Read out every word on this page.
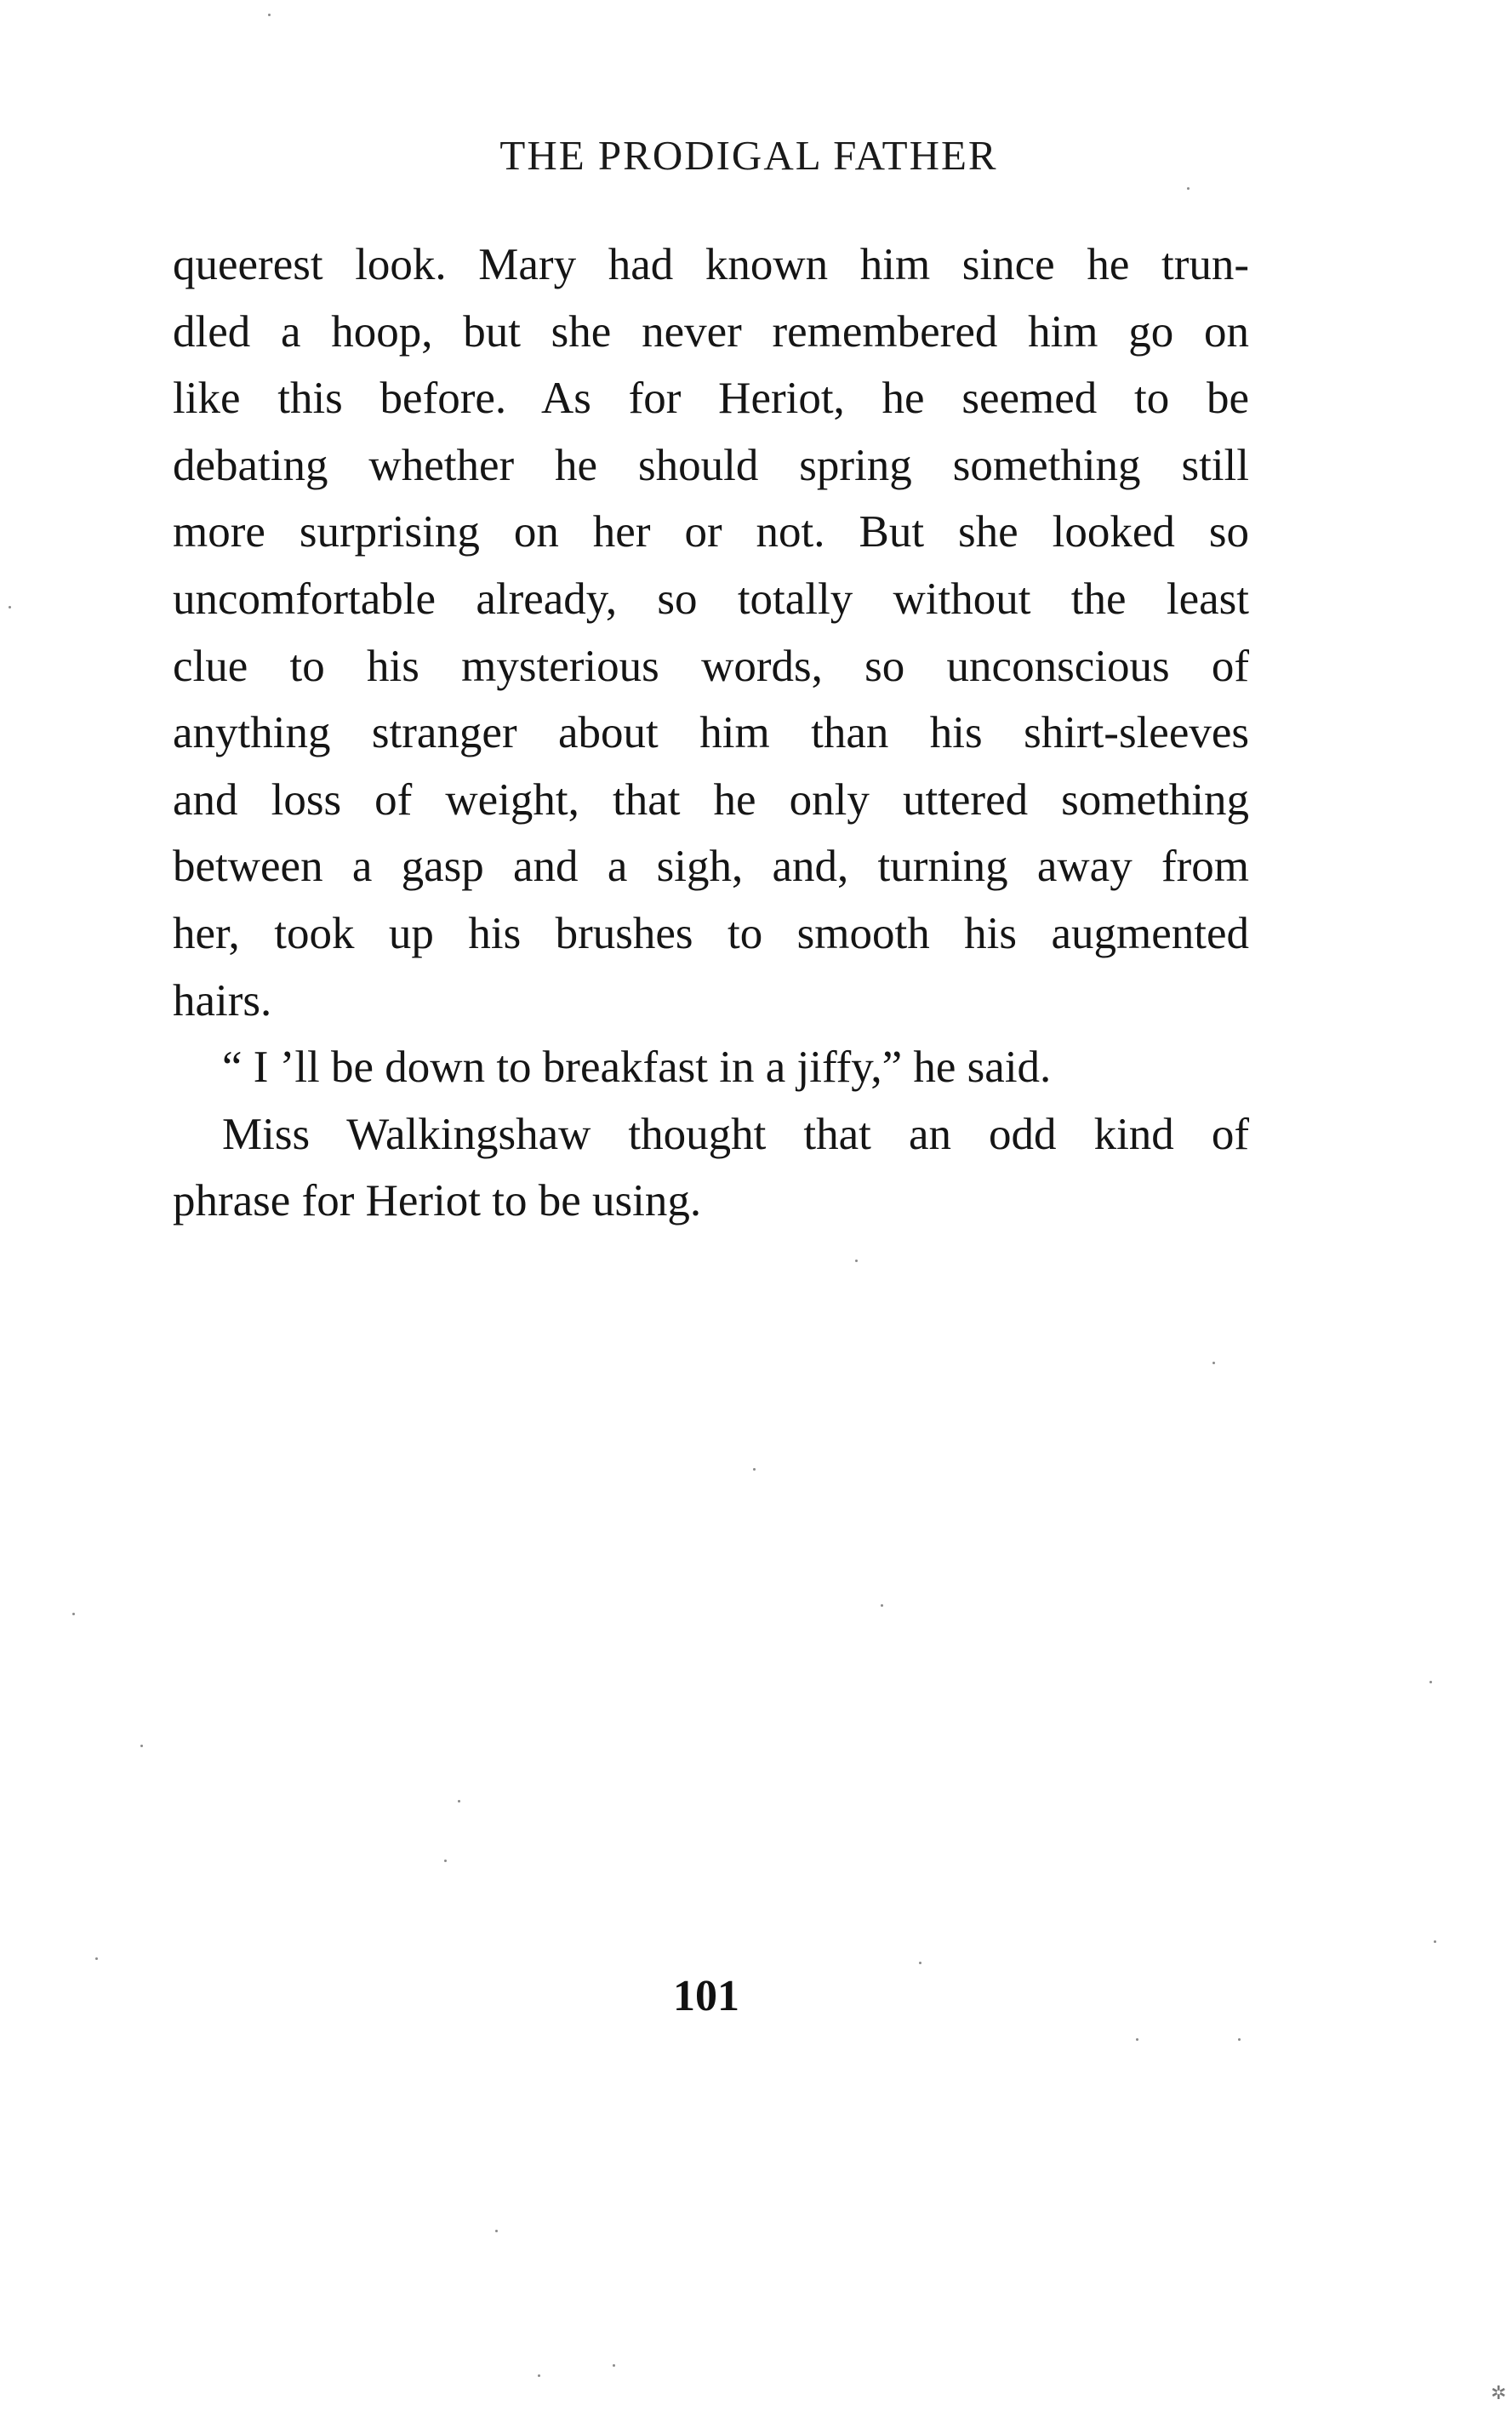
THE PRODIGAL FATHER
queerest look. Mary had known him since he trun-
dled a hoop, but she never remembered him go on
like this before. As for Heriot, he seemed to be
debating whether he should spring something still
more surprising on her or not. But she looked so
uncomfortable already, so totally without the least
clue to his mysterious words, so unconscious of
anything stranger about him than his shirt-sleeves
and loss of weight, that he only uttered something
between a gasp and a sigh, and, turning away from
her, took up his brushes to smooth his augmented
hairs.
“ I ’ll be down to breakfast in a jiffy,” he said.
Miss Walkingshaw thought that an odd kind of
phrase for Heriot to be using.
101
✲
